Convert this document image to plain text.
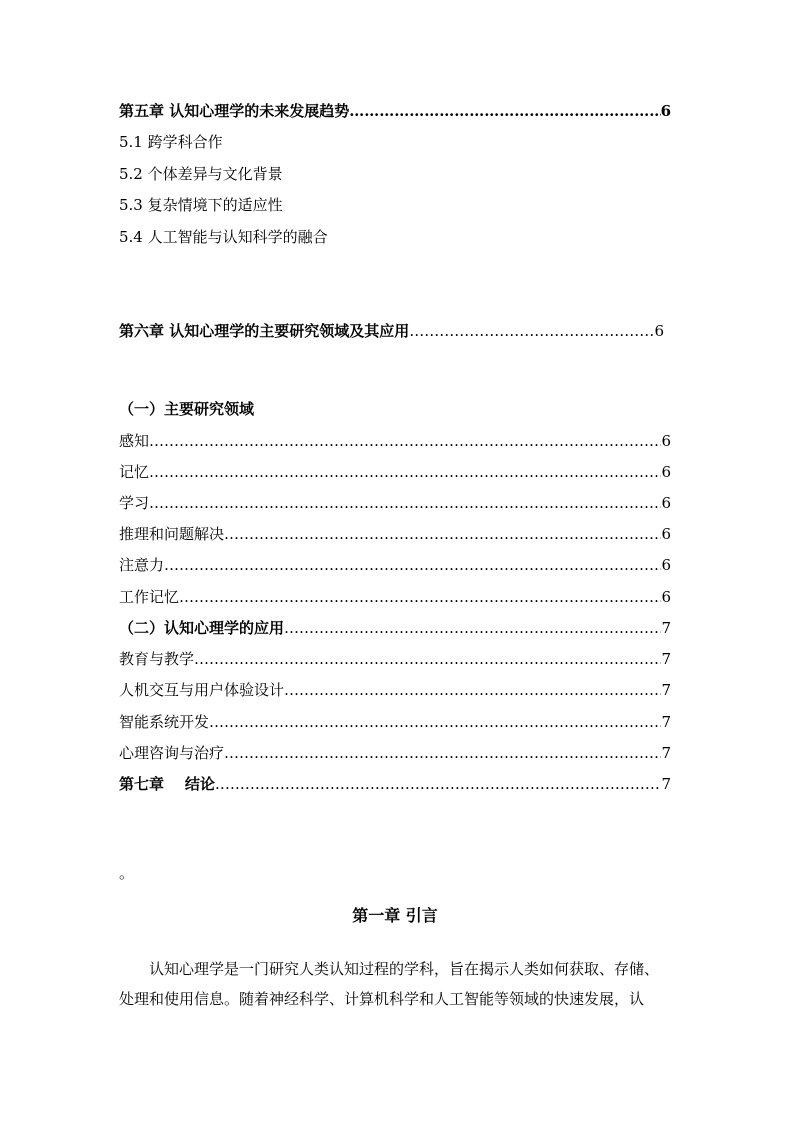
第五章 认知心理学的未来发展趋势 ……………………………………………………………………………………………………………………………………………………	6
5.1 跨学科合作
5.2 个体差异与文化背景
5.3 复杂情境下的适应性
5.4 人工智能与认知科学的融合
第六章 认知心理学的主要研究领域及其应用 ……………………………………………………………………………………………………………………………………………………	6
（一）主要研究领域
感知 ……………………………………………………………………………………………………………………………………………………	6
记忆 ……………………………………………………………………………………………………………………………………………………	6
学习 ……………………………………………………………………………………………………………………………………………………	6
推理和问题解决 ……………………………………………………………………………………………………………………………………………………	6
注意力 ……………………………………………………………………………………………………………………………………………………	6
工作记忆 ……………………………………………………………………………………………………………………………………………………	6
（二）认知心理学的应用 ……………………………………………………………………………………………………………………………………………………	7
教育与教学 ……………………………………………………………………………………………………………………………………………………	7
人机交互与用户体验设计 ……………………………………………………………………………………………………………………………………………………	7
智能系统开发 ……………………………………………………………………………………………………………………………………………………	7
心理咨询与治疗 ……………………………………………………………………………………………………………………………………………………	7
第七章    结论 ……………………………………………………………………………………………………………………………………………………	7
。
第一章 引言
认知心理学是一门研究人类认知过程的学科，旨在揭示人类如何获取、存储、
处理和使用信息。随着神经科学、计算机科学和人工智能等领域的快速发展，认
